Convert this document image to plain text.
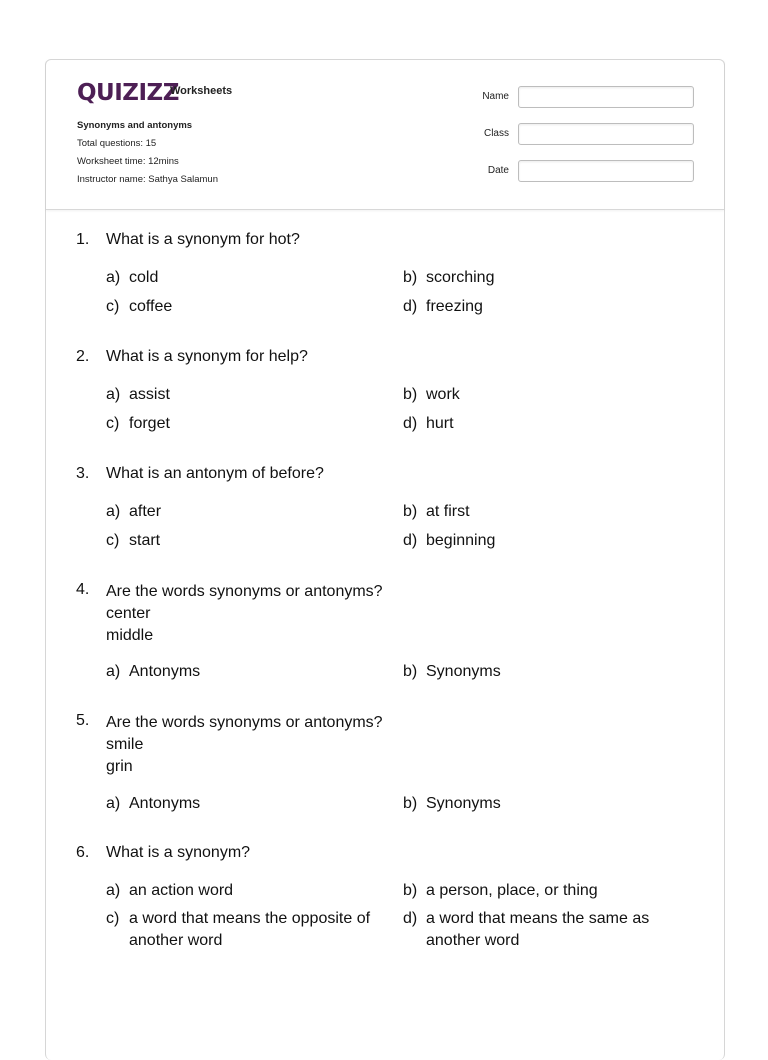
QUIZIZZ
Worksheets
Synonyms and antonyms
Total questions: 15
Worksheet time: 12mins
Instructor name: Sathya Salamun
Name
Class
Date
1. What is a synonym for hot?
a) cold	b) scorching
c) coffee	d) freezing
2. What is a synonym for help?
a) assist	b) work
c) forget	d) hurt
3. What is an antonym of before?
a) after	b) at first
c) start	d) beginning
4. Are the words synonyms or antonyms?
center
middle
a) Antonyms	b) Synonyms
5. Are the words synonyms or antonyms?
smile
grin
a) Antonyms	b) Synonyms
6. What is a synonym?
a) an action word	b) a person, place, or thing
c) a word that means the opposite of
another word
d) a word that means the same as
another word
